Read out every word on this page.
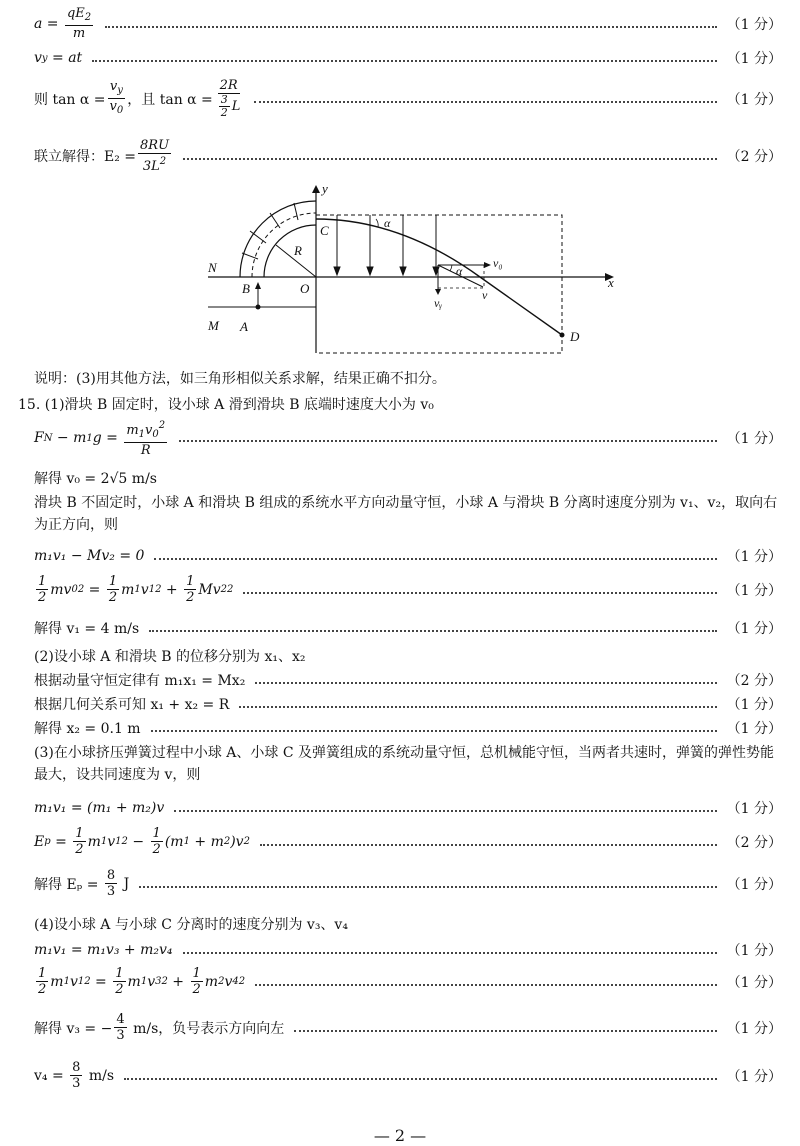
$a = \frac{qE_2}{m}$	（1 分）
v y = at	（1 分）
则 $\tan \alpha = \frac{v_y}{v_0}$ ，且 $\tan \alpha = \frac{2R}{\frac{3}{2} L}$	（1 分）
联立解得：$E_2 = \frac{8RU}{3L^2}$	（2 分）
y
x
N
M A
B	O
R
C
D
v₀
vᵧ
v
α
α
说明：(3)用其他方法，如三角形相似关系求解，结果正确不扣分。
15. (1)滑块 B 固定时，设小球 A 滑到滑块 B 底端时速度大小为 v₀
F N − m 1 $g = \frac{m_1v_0^2}{R}$	（1 分）
解得 v₀ = 2√5 m/s
滑块 B 不固定时，小球 A 和滑块 B 组成的系统水平方向动量守恒，小球 A 与滑块 B 分离时速度分别为 v₁、v₂，取向右为正方向，则
m₁v₁ − Mv₂ = 0	（1 分）
$\frac{1}{2}$ mv 0 $2 = \frac{1}{2}$ m 1 v 1 $2 + \frac{1}{2}$ Mv 2 2	（1 分）
解得 v₁ = 4 m/s	（1 分）
(2)设小球 A 和滑块 B 的位移分别为 x₁、x₂
根据动量守恒定律有 m₁x₁ = Mx₂	（2 分）
根据几何关系可知 x₁ + x₂ = R	（1 分）
解得 x₂ = 0.1 m	（1 分）
(3)在小球挤压弹簧过程中小球 A、小球 C 及弹簧组成的系统动量守恒，总机械能守恒，当两者共速时，弹簧的弹性势能最大，设共同速度为 v，则
m₁v₁ = (m₁ + m₂)v	（1 分）
E $p = \frac{1}{2}$ m 1 v 1 $2 - \frac{1}{2} (m$ 1 + m 2 )v 2	（2 分）
解得 Eₚ =
$\frac{8}{3}$
J	（1 分）
(4)设小球 A 与小球 C 分离时的速度分别为 v₃、v₄
m₁v₁ = m₁v₃ + m₂v₄	（1 分）
$\frac{1}{2}$ m 1 v 1 $2 = \frac{1}{2}$ m 1 v 3 $2 + \frac{1}{2}$ m 2 v 4 2	（1 分）
解得 v₃ = − $\frac{4}{3}$
m/s，负号表示方向向左	（1 分）
v₄ =
$\frac{8}{3}$
m/s	（1 分）
— 2 —
